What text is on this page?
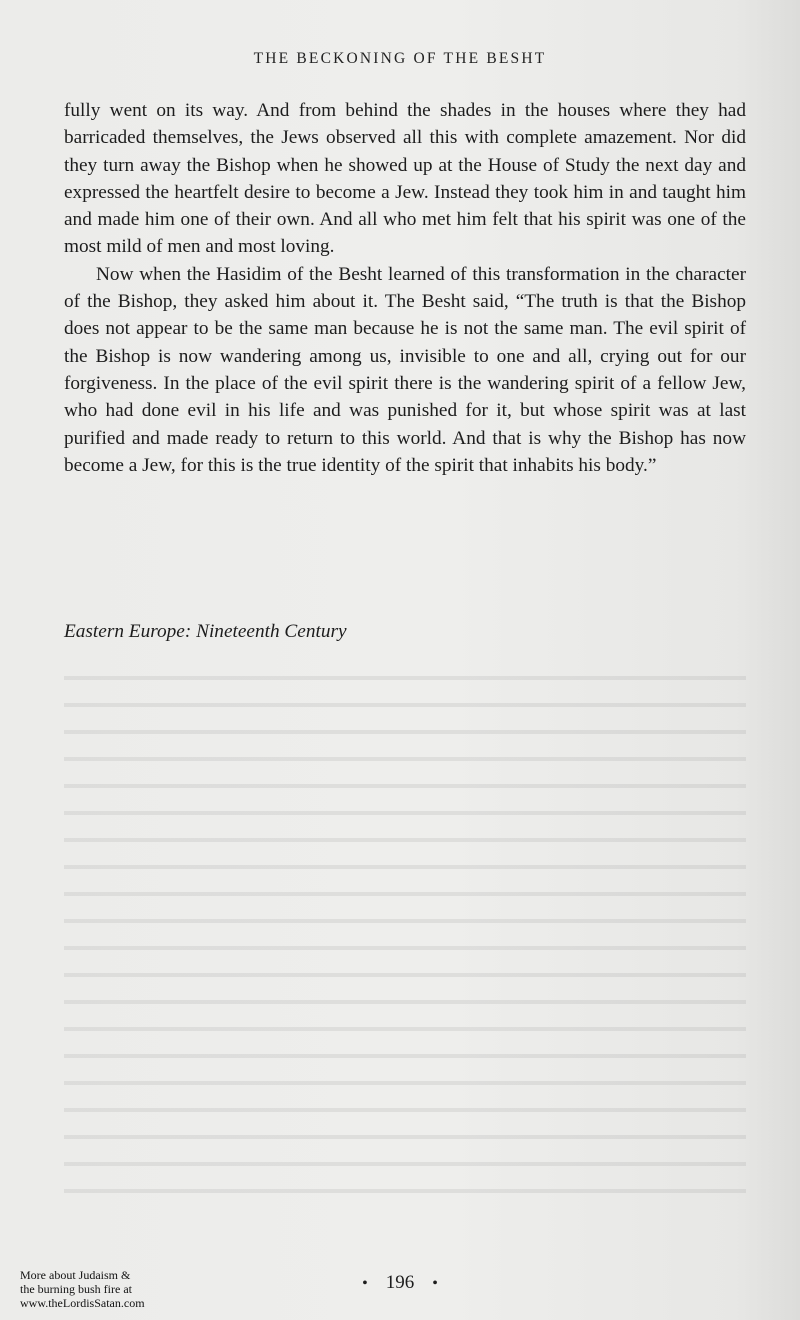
THE BECKONING OF THE BESHT

fully went on its way. And from behind the shades in the houses where they had barricaded themselves, the Jews observed all this with complete amazement. Nor did they turn away the Bishop when he showed up at the House of Study the next day and expressed the heartfelt desire to become a Jew. Instead they took him in and taught him and made him one of their own. And all who met him felt that his spirit was one of the most mild of men and most loving.

Now when the Hasidim of the Besht learned of this transformation in the character of the Bishop, they asked him about it. The Besht said, “The truth is that the Bishop does not appear to be the same man because he is not the same man. The evil spirit of the Bishop is now wandering among us, invisible to one and all, crying out for our forgiveness. In the place of the evil spirit there is the wandering spirit of a fellow Jew, who had done evil in his life and was punished for it, but whose spirit was at last purified and made ready to return to this world. And that is why the Bishop has now become a Jew, for this is the true identity of the spirit that inhabits his body.”

Eastern Europe: Nineteenth Century
• 196 •
More about Judaism &
the burning bush fire at
www.theLordisSatan.com
